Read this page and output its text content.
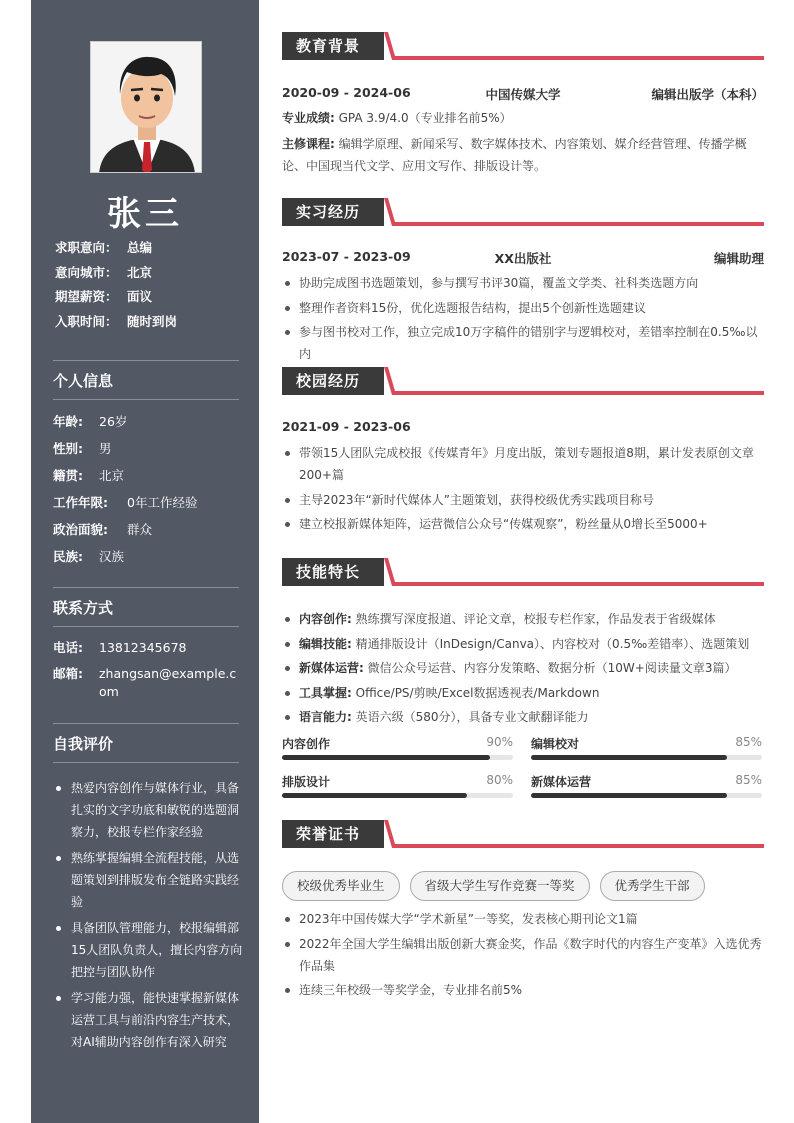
张三
求职意向： 总编
意向城市： 北京
期望薪资： 面议
入职时间： 随时到岗
个人信息
年龄:	26岁
性别:	男
籍贯:	北京
工作年限:	0年工作经验
政治面貌:	群众
民族:	汉族
联系方式
电话:	13812345678
邮箱:	zhangsan@example.com
自我评价
热爱内容创作与媒体行业，具备扎实的文字功底和敏锐的选题洞察力，校报专栏作家经验
熟练掌握编辑全流程技能，从选题策划到排版发布全链路实践经验
具备团队管理能力，校报编辑部15人团队负责人，擅长内容方向把控与团队协作
学习能力强，能快速掌握新媒体运营工具与前沿内容生产技术，对AI辅助内容创作有深入研究
教育背景
2020-09 - 2024-06	中国传媒大学	编辑出版学（本科）
专业成绩: GPA 3.9/4.0（专业排名前5%）
主修课程: 编辑学原理、新闻采写、数字媒体技术、内容策划、媒介经营管理、传播学概论、中国现当代文学、应用文写作、排版设计等。
实习经历
2023-07 - 2023-09	XX出版社	编辑助理
协助完成图书选题策划，参与撰写书评30篇，覆盖文学类、社科类选题方向
整理作者资料15份，优化选题报告结构，提出5个创新性选题建议
参与图书校对工作，独立完成10万字稿件的错别字与逻辑校对，差错率控制在0.5‰以内
校园经历
2021-09 - 2023-06
带领15人团队完成校报《传媒青年》月度出版，策划专题报道8期，累计发表原创文章200+篇
主导2023年“新时代媒体人”主题策划，获得校级优秀实践项目称号
建立校报新媒体矩阵，运营微信公众号“传媒观察”，粉丝量从0增长至5000+
技能特长
内容创作: 熟练撰写深度报道、评论文章，校报专栏作家，作品发表于省级媒体
编辑技能: 精通排版设计（InDesign/Canva）、内容校对（0.5‰差错率）、选题策划
新媒体运营: 微信公众号运营、内容分发策略、数据分析（10W+阅读量文章3篇）
工具掌握: Office/PS/剪映/Excel数据透视表/Markdown
语言能力: 英语六级（580分），具备专业文献翻译能力
内容创作	90% 编辑校对	85%
排版设计	80% 新媒体运营	85%
荣誉证书
校级优秀毕业生	省级大学生写作竞赛一等奖	优秀学生干部
2023年中国传媒大学“学术新星”一等奖，发表核心期刊论文1篇
2022年全国大学生编辑出版创新大赛金奖，作品《数字时代的内容生产变革》入选优秀作品集
连续三年校级一等奖学金，专业排名前5%
